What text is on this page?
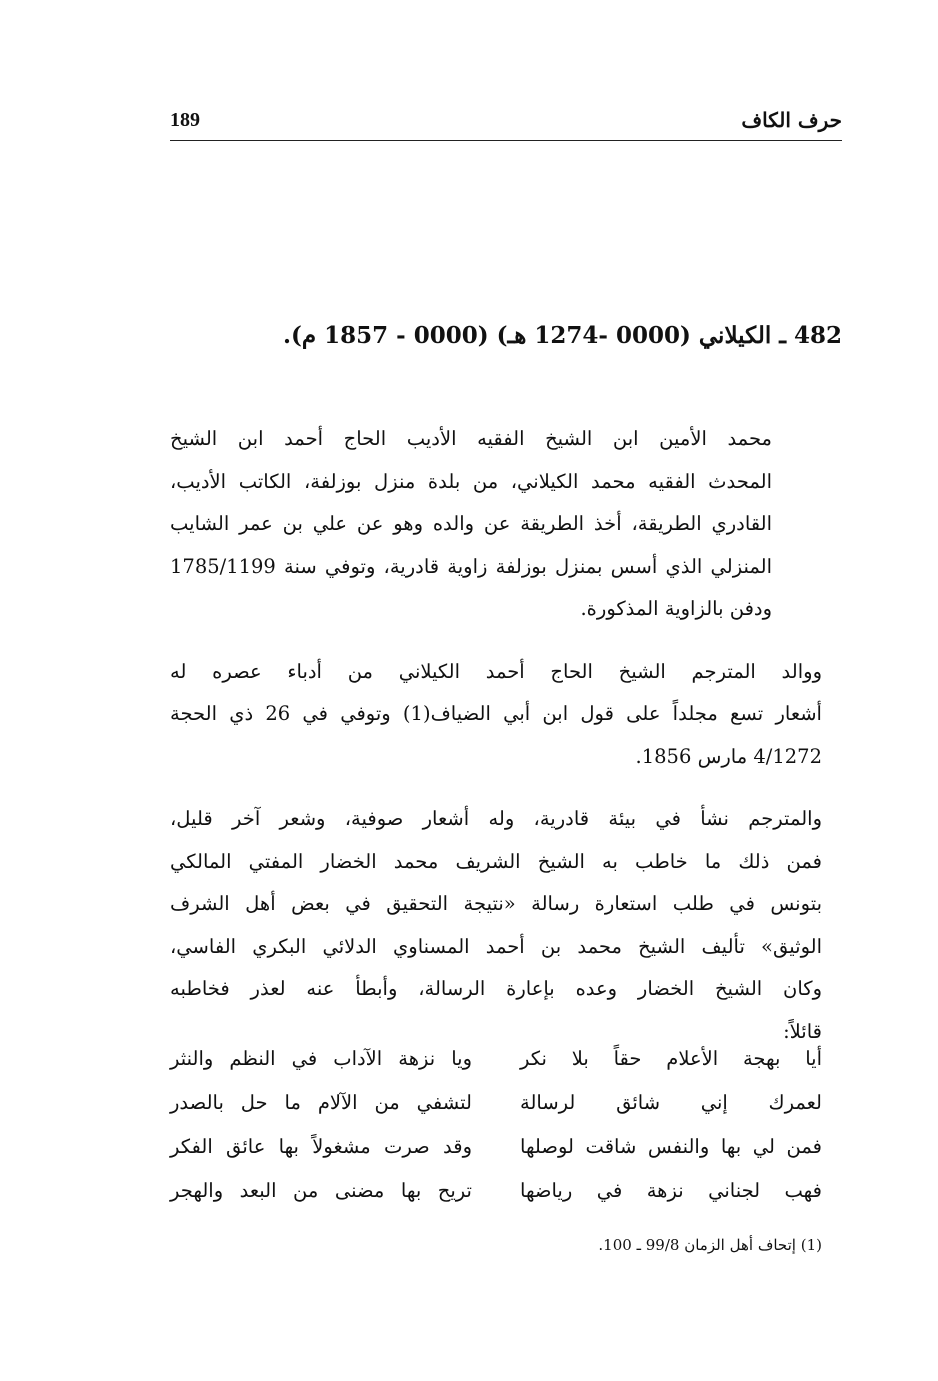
حرف الكاف
189
482 ـ الكيلاني (0000 -1274 هـ) (0000 - 1857 م).
محمد الأمين ابن الشيخ الفقيه الأديب الحاج أحمد ابن الشيخ
المحدث الفقيه محمد الكيلاني، من بلدة منزل بوزلفة، الكاتب الأديب،
القادري الطريقة، أخذ الطريقة عن والده وهو عن علي بن عمر الشايب
المنزلي الذي أسس بمنزل بوزلفة زاوية قادرية، وتوفي سنة 1785/1199
ودفن بالزاوية المذكورة.
ووالد المترجم الشيخ الحاج أحمد الكيلاني من أدباء عصره له
أشعار تسع مجلداً على قول ابن أبي الضياف(1) وتوفي في 26 ذي الحجة
4/1272 مارس 1856.
والمترجم نشأ في بيئة قادرية، وله أشعار صوفية، وشعر آخر قليل،
فمن ذلك ما خاطب به الشيخ الشريف محمد الخضار المفتي المالكي
بتونس في طلب استعارة رسالة «نتيجة التحقيق في بعض أهل الشرف
الوثيق» تأليف الشيخ محمد بن أحمد المسناوي الدلائي البكري الفاسي،
وكان الشيخ الخضار وعده بإعارة الرسالة، وأبطأ عنه لعذر فخاطبه
قائلاً:
أيا بهجة الأعلام حقاً بلا نكر
ويا نزهة الآداب في النظم والنثر
لعمرك إني شائق لرسالة
لتشفي من الآلام ما حل بالصدر
فمن لي بها والنفس شاقت لوصلها
وقد صرت مشغولاً بها عائق الفكر
فهب لجناني نزهة في رياضها
تريح بها مضنى من البعد والهجر
(1) إتحاف أهل الزمان 99/8 ـ 100.
